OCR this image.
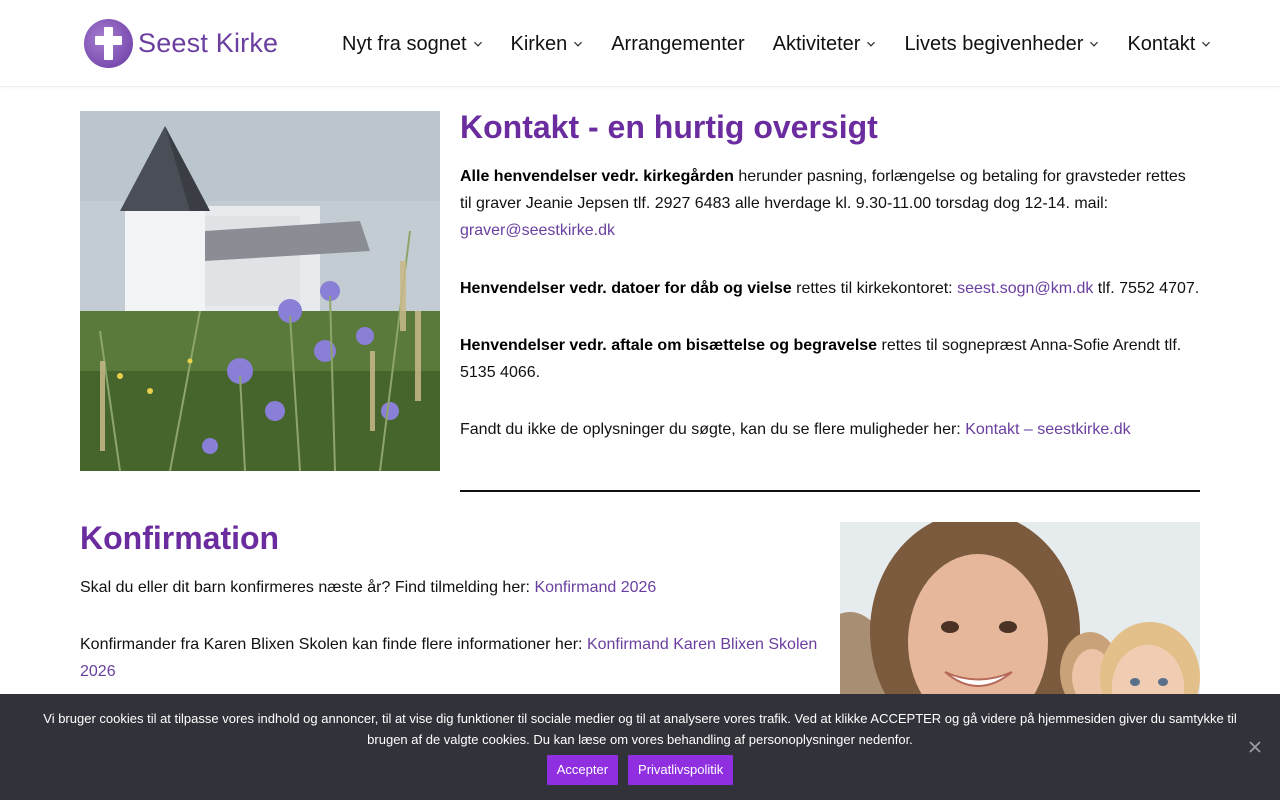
Seest Kirke	Nyt fra sognet Kirken Arrangementer Aktiviteter Livets begivenheder Kontakt
Kontakt - en hurtig oversigt

Alle henvendelser vedr. kirkegården herunder pasning, forlængelse og betaling for gravsteder rettes til graver Jeanie Jepsen tlf. 2927 6483 alle hverdage kl. 9.30-11.00 torsdag dog 12-14. mail: graver@seestkirke.dk

Henvendelser vedr. datoer for dåb og vielse rettes til kirkekontoret: seest.sogn@km.dk tlf. 7552 4707.

Henvendelser vedr. aftale om bisættelse og begravelse rettes til sognepræst Anna-Sofie Arendt tlf. 5135 4066.

Fandt du ikke de oplysninger du søgte, kan du se flere muligheder her: Kontakt – seestkirke.dk

Konfirmation

Skal du eller dit barn konfirmeres næste år? Find tilmelding her: Konfirmand 2026

Konfirmander fra Karen Blixen Skolen kan finde flere informationer her: Konfirmand Karen Blixen Skolen 2026

Vi bruger cookies til at tilpasse vores indhold og annoncer, til at vise dig funktioner til sociale medier og til at analysere vores trafik. Ved at klikke ACCEPTER og gå videre på hjemmesiden giver du samtykke til brugen af de valgte cookies. Du kan læse om vores behandling af personoplysninger nedenfor.
Accepter	Privatlivspolitik
